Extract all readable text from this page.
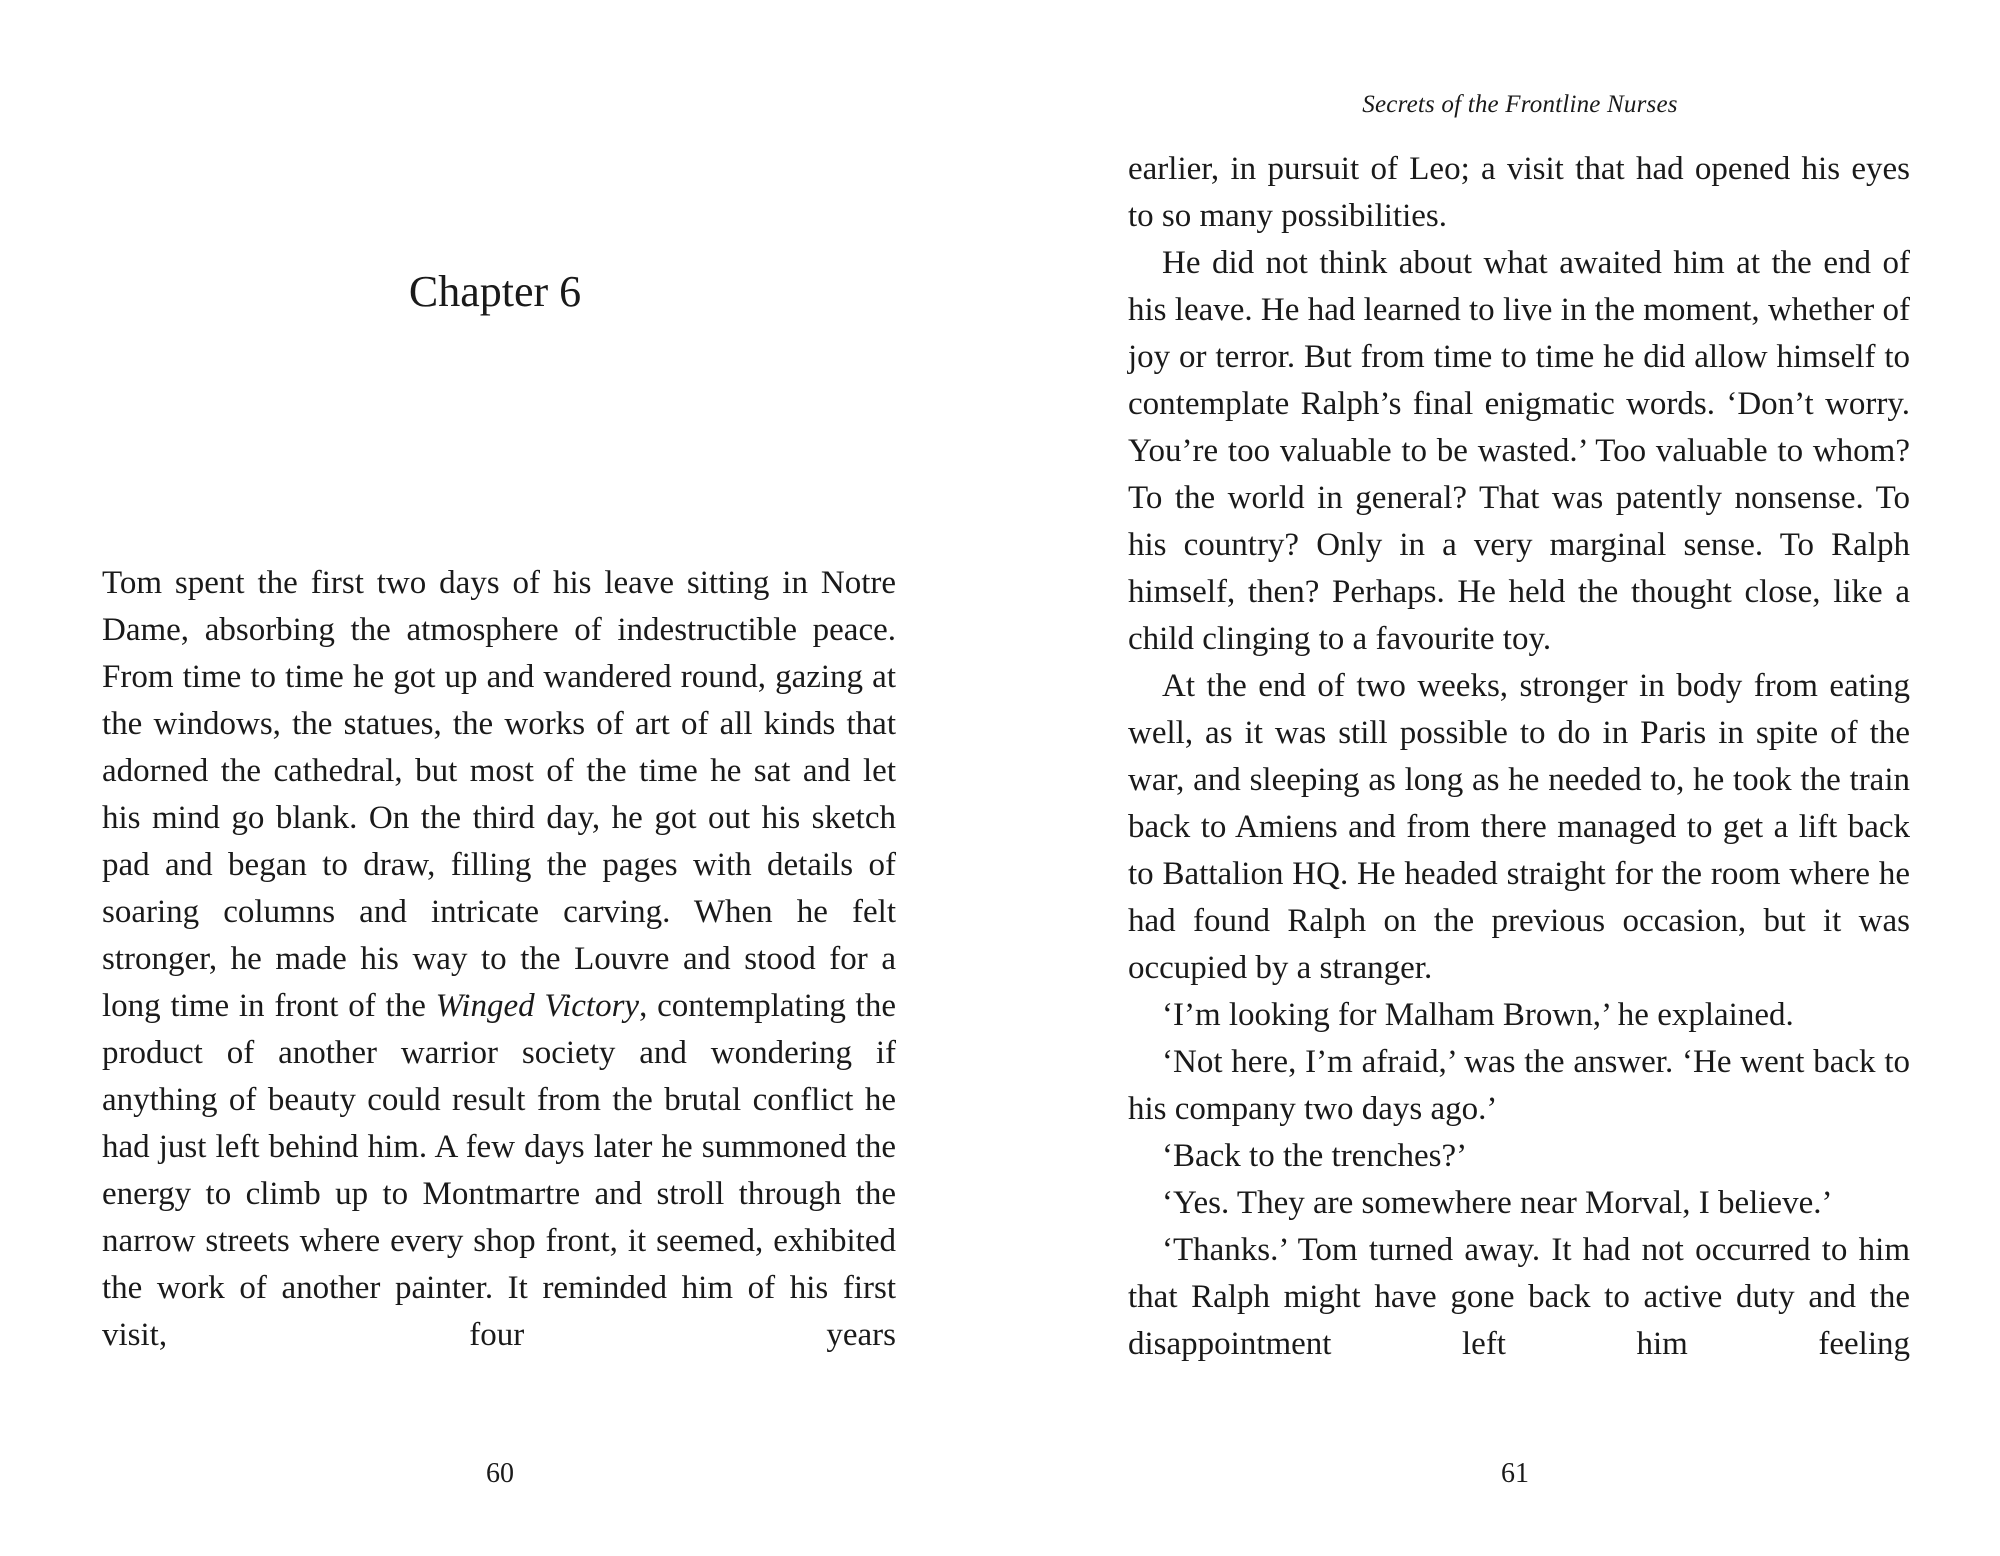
Chapter 6

Tom spent the first two days of his leave sitting in Notre Dame, absorbing the atmosphere of indestructible peace. From time to time he got up and wandered round, gazing at the windows, the statues, the works of art of all kinds that adorned the cathedral, but most of the time he sat and let his mind go blank. On the third day, he got out his sketch pad and began to draw, filling the pages with details of soaring columns and intricate carving. When he felt stronger, he made his way to the Louvre and stood for a long time in front of the Winged Victory, contemplating the product of another warrior society and wondering if anything of beauty could result from the brutal conflict he had just left behind him. A few days later he summoned the energy to climb up to Montmartre and stroll through the narrow streets where every shop front, it seemed, exhibited the work of another painter. It reminded him of his first visit, four years

60
Secrets of the Frontline Nurses

earlier, in pursuit of Leo; a visit that had opened his eyes to so many possibilities.

He did not think about what awaited him at the end of his leave. He had learned to live in the moment, whether of joy or terror. But from time to time he did allow himself to contemplate Ralph’s final enigmatic words. ‘Don’t worry. You’re too valuable to be wasted.’ Too valuable to whom? To the world in general? That was patently nonsense. To his country? Only in a very marginal sense. To Ralph himself, then? Perhaps. He held the thought close, like a child clinging to a favourite toy.

At the end of two weeks, stronger in body from eating well, as it was still possible to do in Paris in spite of the war, and sleeping as long as he needed to, he took the train back to Amiens and from there managed to get a lift back to Battalion HQ. He headed straight for the room where he had found Ralph on the previous occasion, but it was occupied by a stranger.

‘I’m looking for Malham Brown,’ he explained.

‘Not here, I’m afraid,’ was the answer. ‘He went back to his company two days ago.’

‘Back to the trenches?’

‘Yes. They are somewhere near Morval, I believe.’

‘Thanks.’ Tom turned away. It had not occurred to him that Ralph might have gone back to active duty and the disappointment left him feeling

61
